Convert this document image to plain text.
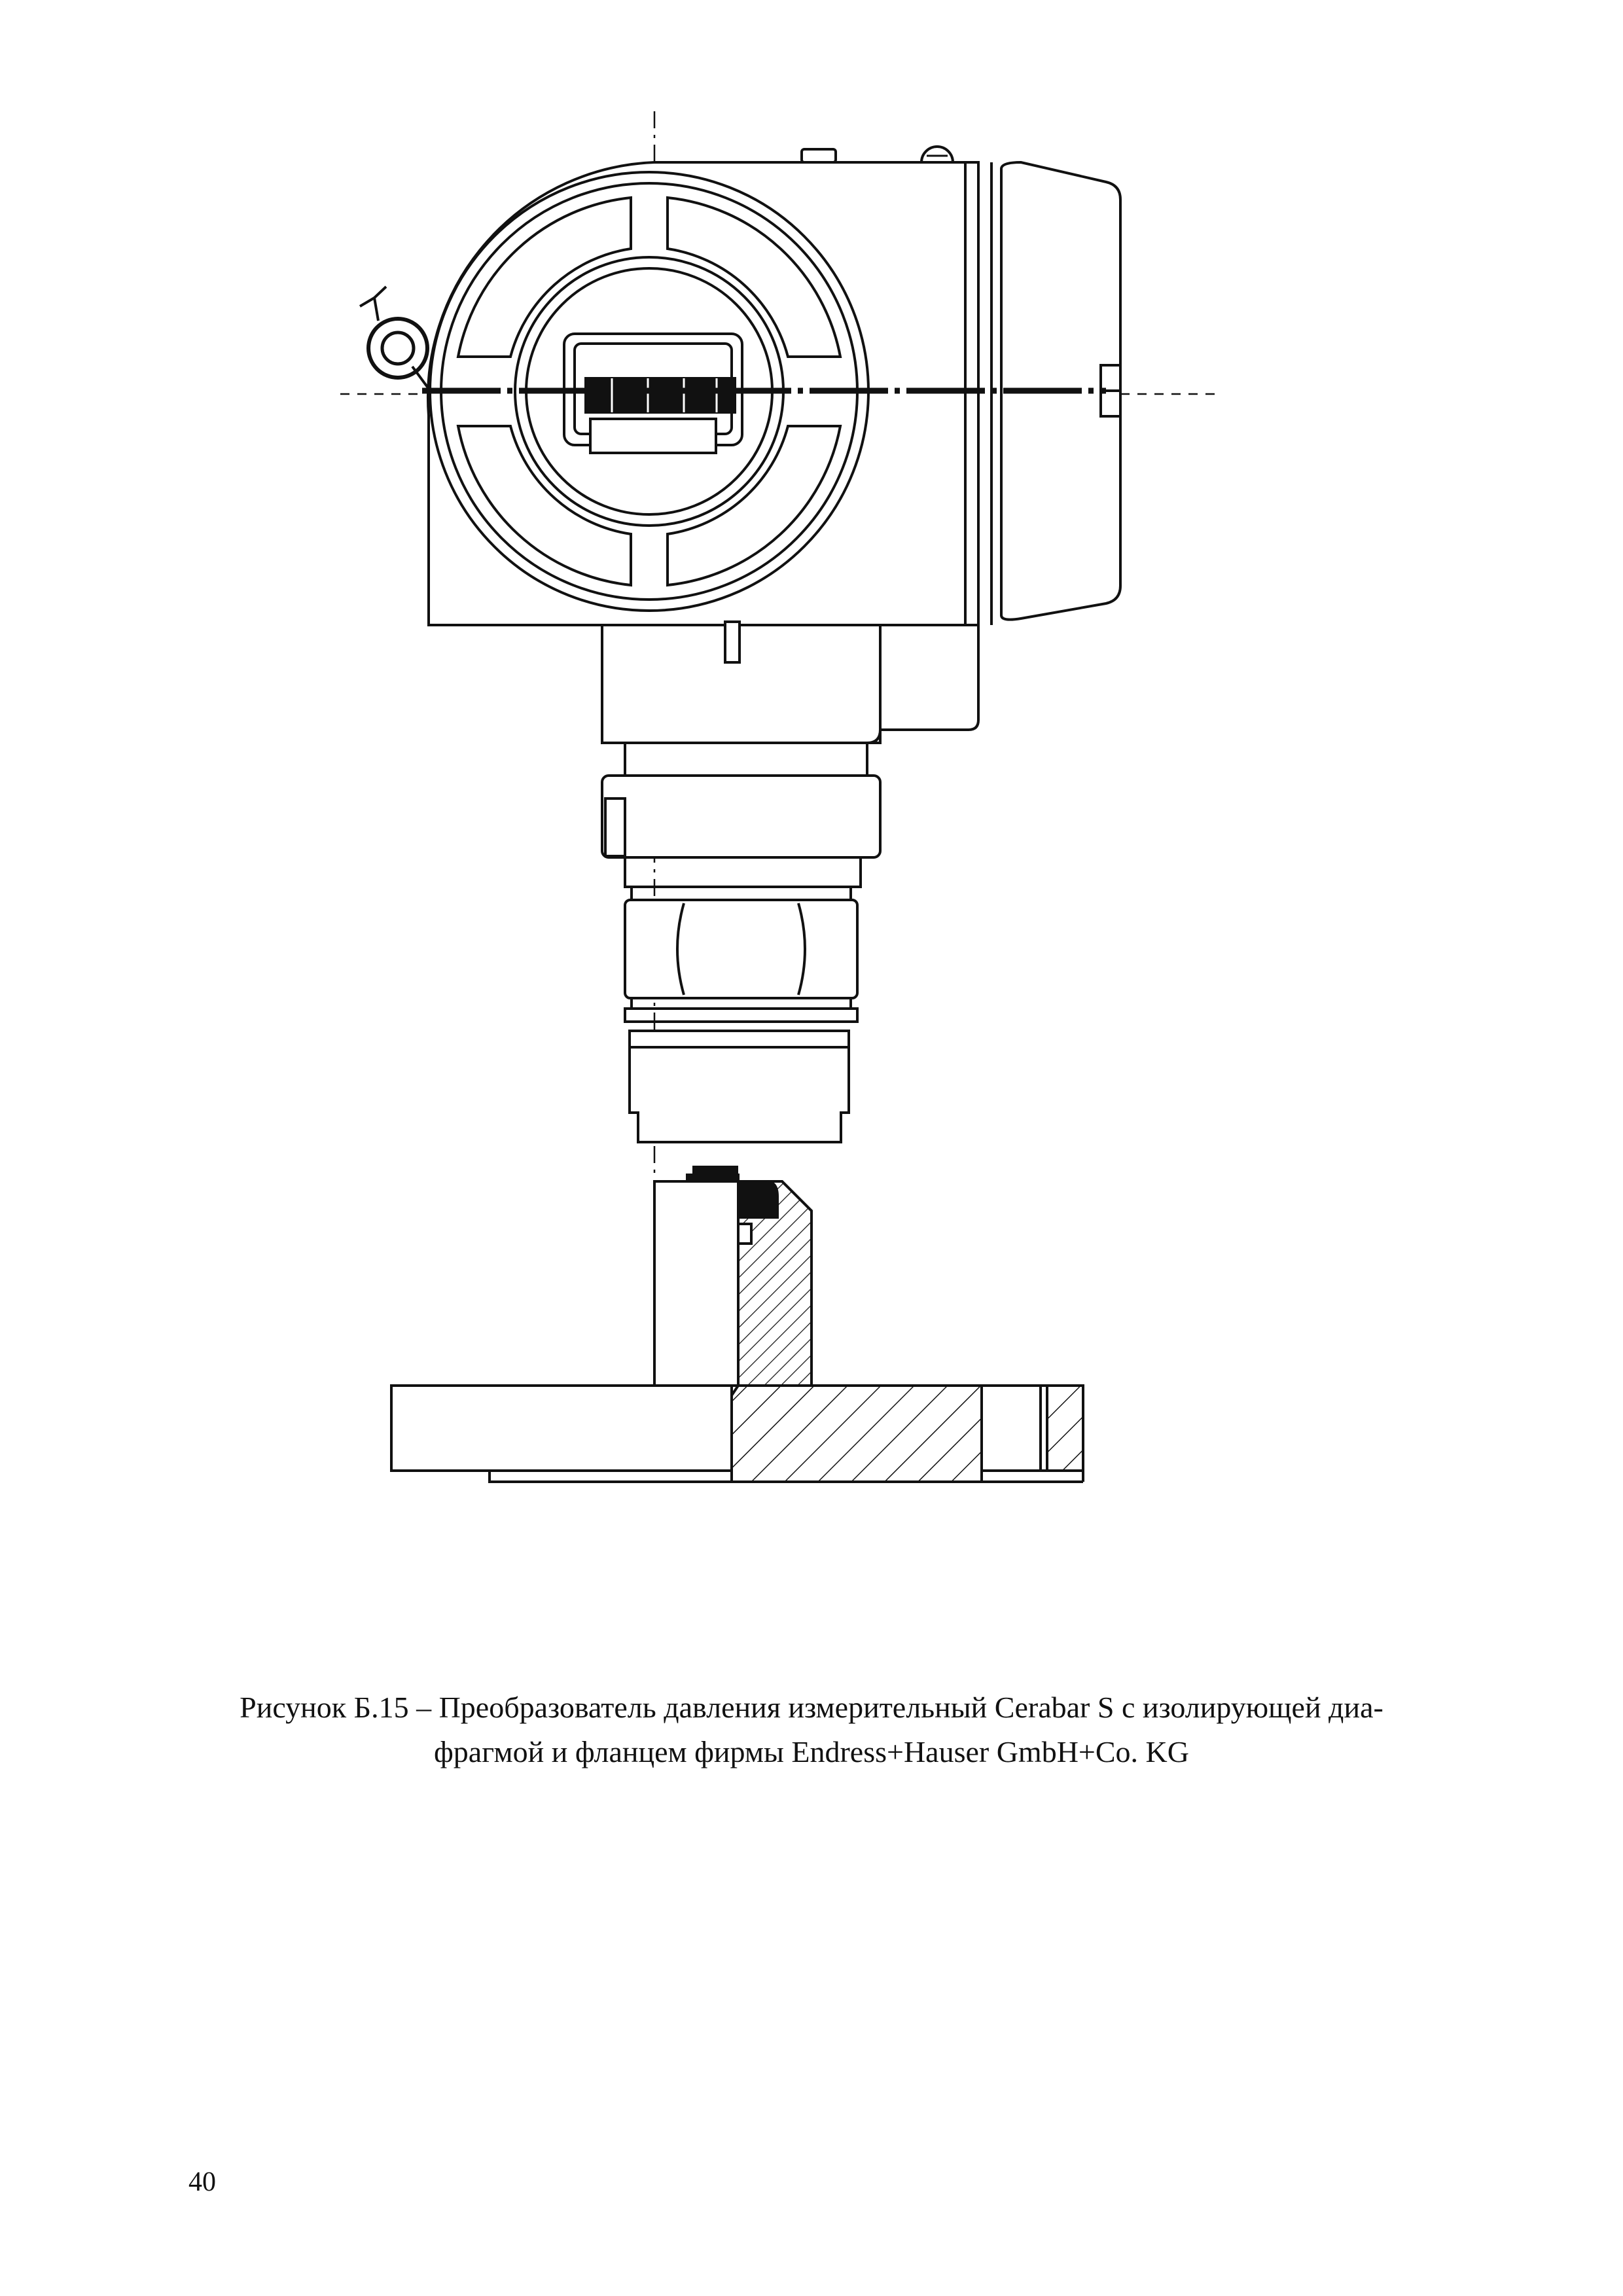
Рисунок Б.15 – Преобразователь давления измерительный Cerabar S с изолирующей диа-
фрагмой и фланцем фирмы Endress+Hauser GmbH+Co. KG
40
